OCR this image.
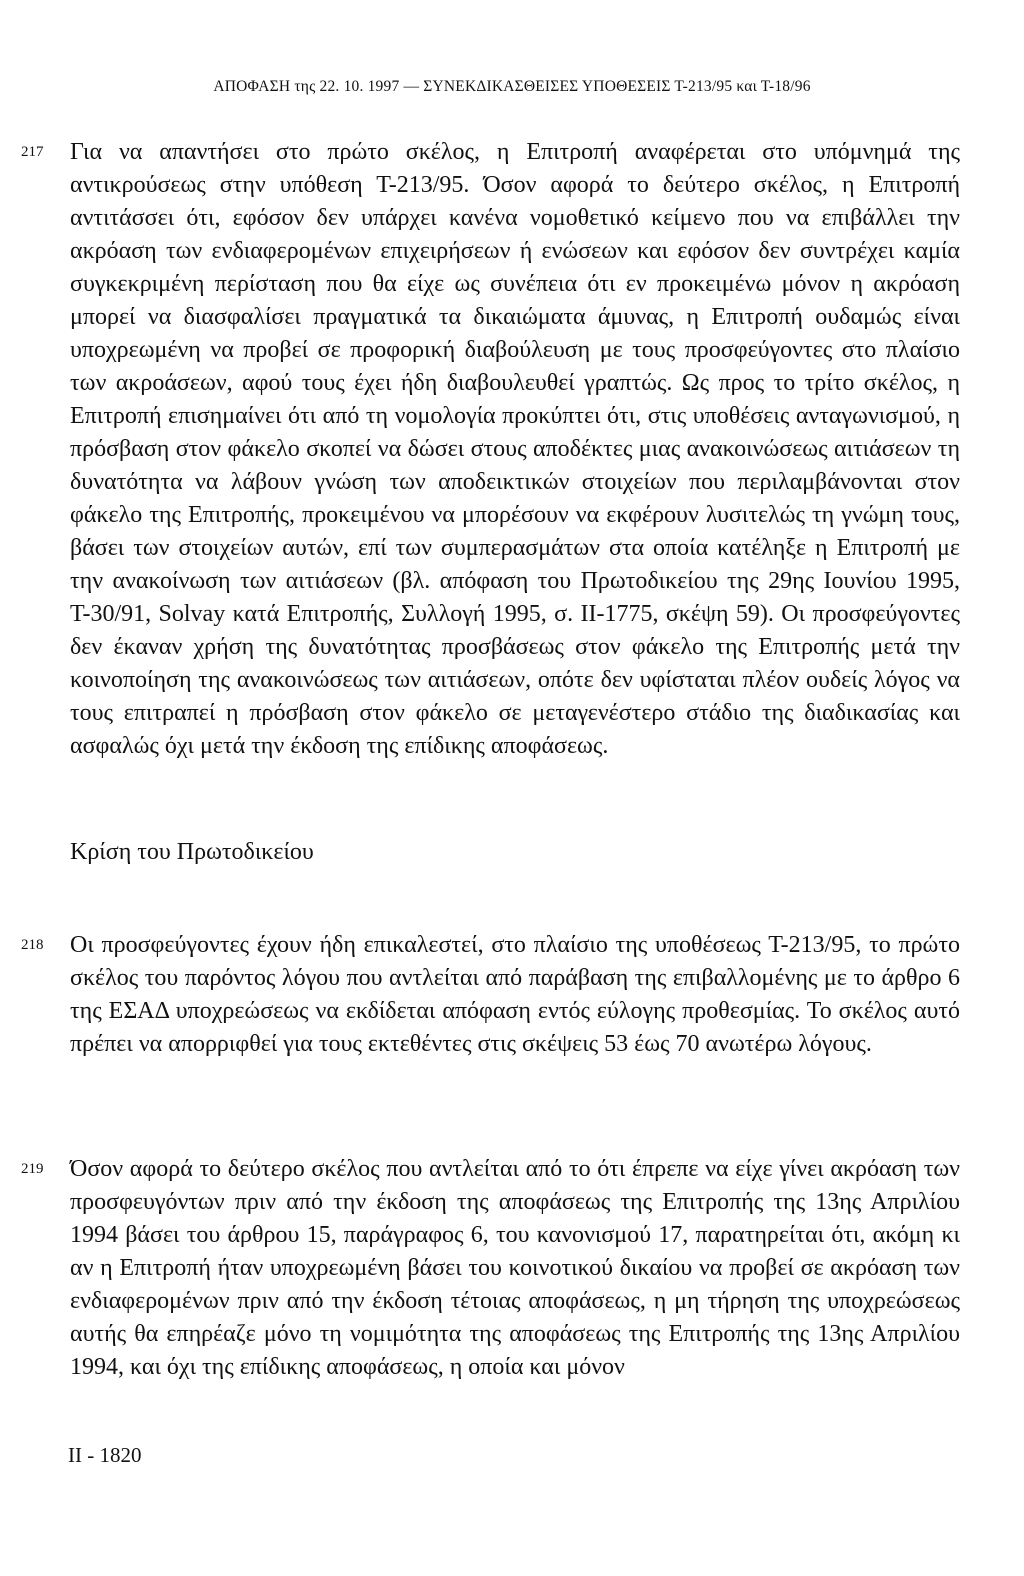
ΑΠΟΦΑΣΗ της 22. 10. 1997 — ΣΥΝΕΚΔΙΚΑΣΘΕΙΣΕΣ ΥΠΟΘΕΣΕΙΣ Τ-213/95 και Τ-18/96
217 Για να απαντήσει στο πρώτο σκέλος, η Επιτροπή αναφέρεται στο υπόμνημά της αντικρούσεως στην υπόθεση Τ-213/95. Όσον αφορά το δεύτερο σκέλος, η Επιτροπή αντιτάσσει ότι, εφόσον δεν υπάρχει κανένα νομοθετικό κείμενο που να επιβάλλει την ακρόαση των ενδιαφερομένων επιχειρήσεων ή ενώσεων και εφόσον δεν συντρέχει καμία συγκεκριμένη περίσταση που θα είχε ως συνέπεια ότι εν προκειμένω μόνον η ακρόαση μπορεί να διασφαλίσει πραγματικά τα δικαιώματα άμυνας, η Επιτροπή ουδαμώς είναι υποχρεωμένη να προβεί σε προφορική διαβούλευση με τους προσφεύγοντες στο πλαίσιο των ακροάσεων, αφού τους έχει ήδη διαβουλευθεί γραπτώς. Ως προς το τρίτο σκέλος, η Επιτροπή επισημαίνει ότι από τη νομολογία προκύπτει ότι, στις υποθέσεις ανταγωνισμού, η πρόσβαση στον φάκελο σκοπεί να δώσει στους αποδέκτες μιας ανακοινώσεως αιτιάσεων τη δυνατότητα να λάβουν γνώση των αποδεικτικών στοιχείων που περιλαμβάνονται στον φάκελο της Επιτροπής, προκειμένου να μπορέσουν να εκφέρουν λυσιτελώς τη γνώμη τους, βάσει των στοιχείων αυτών, επί των συμπερασμάτων στα οποία κατέληξε η Επιτροπή με την ανακοίνωση των αιτιάσεων (βλ. απόφαση του Πρωτοδικείου της 29ης Ιουνίου 1995, Τ-30/91, Solvay κατά Επιτροπής, Συλλογή 1995, σ. II-1775, σκέψη 59). Οι προσφεύγοντες δεν έκαναν χρήση της δυνατότητας προσβάσεως στον φάκελο της Επιτροπής μετά την κοινοποίηση της ανακοινώσεως των αιτιάσεων, οπότε δεν υφίσταται πλέον ουδείς λόγος να τους επιτραπεί η πρόσβαση στον φάκελο σε μεταγενέστερο στάδιο της διαδικασίας και ασφαλώς όχι μετά την έκδοση της επίδικης αποφάσεως.

Κρίση του Πρωτοδικείου
218 Οι προσφεύγοντες έχουν ήδη επικαλεστεί, στο πλαίσιο της υποθέσεως Τ-213/95, το πρώτο σκέλος του παρόντος λόγου που αντλείται από παράβαση της επιβαλλομένης με το άρθρο 6 της ΕΣΑΔ υποχρεώσεως να εκδίδεται απόφαση εντός εύλογης προθεσμίας. Το σκέλος αυτό πρέπει να απορριφθεί για τους εκτεθέντες στις σκέψεις 53 έως 70 ανωτέρω λόγους.

219 Όσον αφορά το δεύτερο σκέλος που αντλείται από το ότι έπρεπε να είχε γίνει ακρόαση των προσφευγόντων πριν από την έκδοση της αποφάσεως της Επιτροπής της 13ης Απριλίου 1994 βάσει του άρθρου 15, παράγραφος 6, του κανονισμού 17, παρατηρείται ότι, ακόμη κι αν η Επιτροπή ήταν υποχρεωμένη βάσει του κοινοτικού δικαίου να προβεί σε ακρόαση των ενδιαφερομένων πριν από την έκδοση τέτοιας αποφάσεως, η μη τήρηση της υποχρεώσεως αυτής θα επηρέαζε μόνο τη νομιμότητα της αποφάσεως της Επιτροπής της 13ης Απριλίου 1994, και όχι της επίδικης αποφάσεως, η οποία και μόνον

II - 1820
